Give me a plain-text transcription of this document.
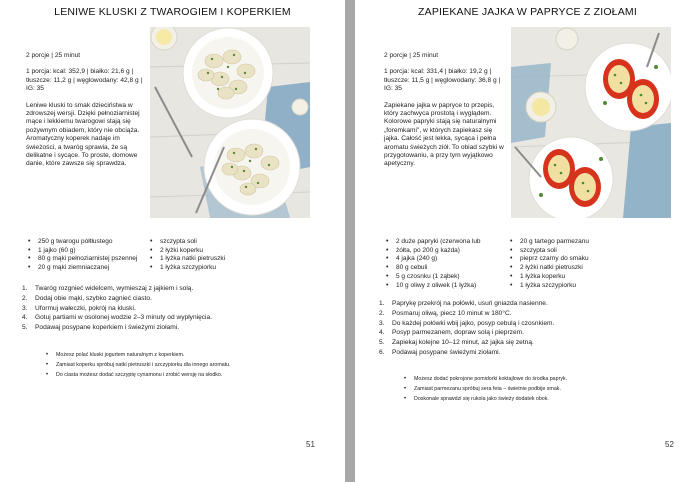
LENIWE KLUSKI Z TWAROGIEM I KOPERKIEM

2 porcje | 25 minut

1 porcja: kcal: 352,9 | białko: 21,6 g | tłuszcze: 11,2 g | węglowodany: 42,8 g | IG: 35

Leniwe kluski to smak dzieciństwa w zdrowszej wersji. Dzięki pełnoziarnistej mące i lekkiemu twarogowi stają się pożywnym obiadem, który nie obciąża. Aromatyczny koperek nadaje im świeżości, a twaróg sprawia, że są delikatne i sycące. To proste, domowe danie, które zawsze się sprawdza.

• 250 g twarogu półtłustego
• 1 jajko (60 g)
• 80 g mąki pełnoziarnistej pszennej
• 20 g mąki ziemniaczanej
• szczypta soli
• 2 łyżki koperku
• 1 łyżka natki pietruszki
• 1 łyżka szczypiorku
1. Twaróg rozgnieć widelcem, wymieszaj z jajkiem i solą.
2. Dodaj obie mąki, szybko zagnieć ciasto.
3. Uformuj wałeczki, pokrój na kluski.
4. Gotuj partiami w osolonej wodzie 2–3 minuty od wypłynięcia.
5. Podawaj posypane koperkiem i świeżymi ziołami.
• Możesz polać kluski jogurtem naturalnym z koperkiem.
• Zamiast koperku spróbuj natki pietruszki i szczypiorku dla innego aromatu.
• Do ciasta możesz dodać szczyptę cynamonu i zrobić wersję na słodko.
51
ZAPIEKANE JAJKA W PAPRYCE Z ZIOŁAMI

2 porcje | 25 minut

1 porcja: kcal: 331,4 | białko: 19,2 g | tłuszcze: 11,5 g | węglowodany: 36,8 g | IG: 35

Zapiekane jajka w papryce to przepis, który zachwyca prostotą i wyglądem. Kolorowe papryki stają się naturalnymi „foremkami", w których zapiekasz się jajka. Całość jest lekka, sycąca i pełna aromatu świeżych ziół. To obiad szybki w przygotowaniu, a przy tym wyjątkowo apetyczny.

• 2 duże papryki (czerwona lub
• żółta, po 200 g każda)
• 4 jajka (240 g)
• 80 g cebuli
• 5 g czosnku (1 ząbek)
• 10 g oliwy z oliwek (1 łyżka)
• 20 g tartego parmezanu
• szczypta soli
• pieprz czarny do smaku
• 2 łyżki natki pietruszki
• 1 łyżka koperku
• 1 łyżka szczypiorku
1. Paprykę przekrój na połówki, usuń gniazda nasienne.
2. Posmaruj oliwą, piecz 10 minut w 180°C.
3. Do każdej połówki wbij jajko, posyp cebulą i czosnkiem.
4. Posyp parmezanem, dopraw solą i pieprzem.
5. Zapiekaj kolejne 10–12 minut, aż jajka się zetną.
6. Podawaj posypane świeżymi ziołami.
• Możesz dodać pokrojone pomidorki koktajlowe do środka papryk.
• Zamiast parmezanu spróbuj sera feta – świetnie podbije smak.
• Doskonale sprawdzi się rukola jako świeży dodatek obok.
52
